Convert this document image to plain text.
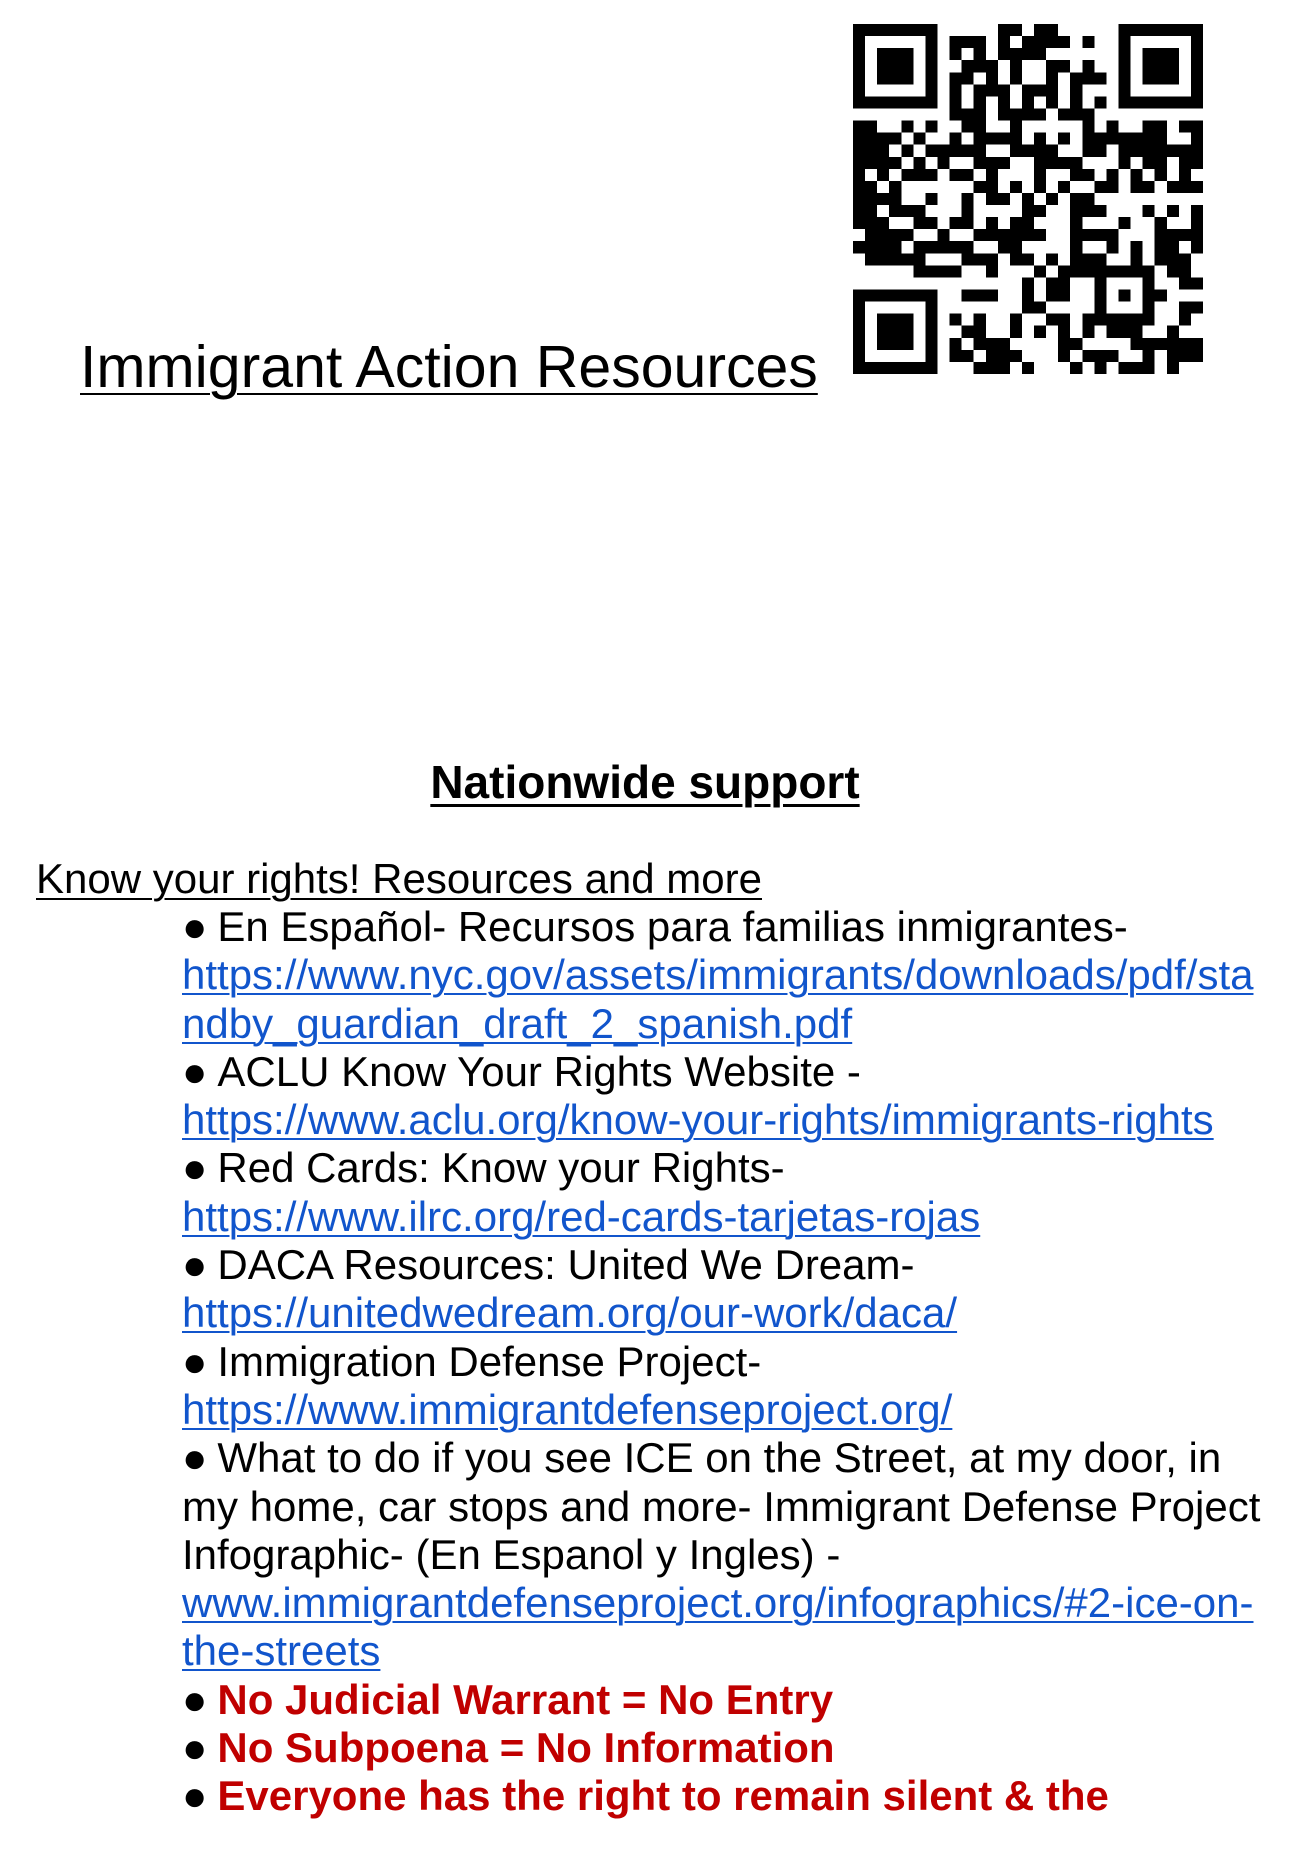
Immigrant Action Resources
Nationwide support

Know your rights! Resources and more

● En Español- Recursos para familias inmigrantes-
https://www.nyc.gov/assets/immigrants/downloads/pdf/standby_guardian_draft_2_spanish.pdf
● ACLU Know Your Rights Website -
https://www.aclu.org/know-your-rights/immigrants-rights
● Red Cards: Know your Rights-
https://www.ilrc.org/red-cards-tarjetas-rojas
● DACA Resources: United We Dream-
https://unitedwedream.org/our-work/daca/
● Immigration Defense Project-
https://www.immigrantdefenseproject.org/
● What to do if you see ICE on the Street, at my door, in my home, car stops and more- Immigrant Defense Project Infographic- (En Espanol y Ingles) -
www.immigrantdefenseproject.org/infographics/#2-ice-on-the-streets
● No Judicial Warrant = No Entry
● No Subpoena = No Information
● Everyone has the right to remain silent & the
